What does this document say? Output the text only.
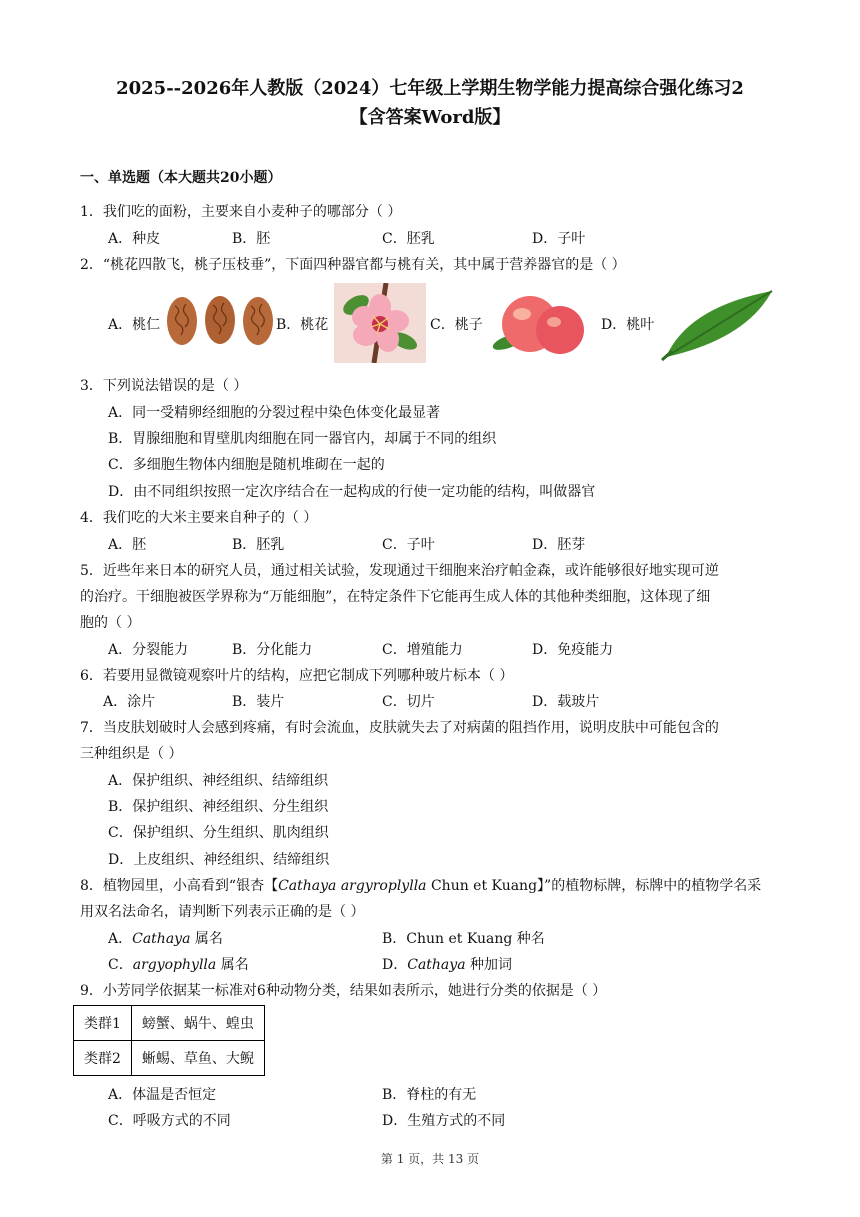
2025--2026年人教版（2024）七年级上学期生物学能力提高综合强化练习2
【含答案Word版】
一、单选题（本大题共20小题）
1．我们吃的面粉，主要来自小麦种子的哪部分（ ）
A．种皮	B．胚	C．胚乳	D．子叶
2．“桃花四散飞，桃子压枝垂”，下面四种器官都与桃有关，其中属于营养器官的是（ ）
A．桃仁	B．桃花	C．桃子	D．桃叶
3．下列说法错误的是（ ）
A．同一受精卵经细胞的分裂过程中染色体变化最显著
B．胃腺细胞和胃壁肌肉细胞在同一器官内，却属于不同的组织
C．多细胞生物体内细胞是随机堆砌在一起的
D．由不同组织按照一定次序结合在一起构成的行使一定功能的结构，叫做器官
4．我们吃的大米主要来自种子的（ ）
A．胚	B．胚乳	C．子叶	D．胚芽
5．近些年来日本的研究人员，通过相关试验，发现通过干细胞来治疗帕金森，或许能够很好地实现可逆
的治疗。干细胞被医学界称为“万能细胞”，在特定条件下它能再生成人体的其他种类细胞，这体现了细
胞的（ ）
A．分裂能力	B．分化能力	C．增殖能力	D．免疫能力
6．若要用显微镜观察叶片的结构，应把它制成下列哪种玻片标本（ ）
A．涂片	B．装片	C．切片	D．载玻片
7．当皮肤划破时人会感到疼痛，有时会流血，皮肤就失去了对病菌的阻挡作用，说明皮肤中可能包含的
三种组织是（ ）
A．保护组织、神经组织、结缔组织
B．保护组织、神经组织、分生组织
C．保护组织、分生组织、肌肉组织
D．上皮组织、神经组织、结缔组织
8．植物园里，小高看到“银杏【Cathaya argyroplylla Chun et Kuang】”的植物标牌，标牌中的植物学名采
用双名法命名，请判断下列表示正确的是（ ）
A．Cathaya 属名	B．Chun et Kuang 种名
C．argyophylla 属名	D．Cathaya 种加词
9．小芳同学依据某一标准对6种动物分类，结果如表所示，她进行分类的依据是（ ）
类群1	螃蟹、蜗牛、蝗虫
类群2	蜥蜴、草鱼、大鲵
A．体温是否恒定	B．脊柱的有无
C．呼吸方式的不同	D．生殖方式的不同
第 1 页，共 13 页
